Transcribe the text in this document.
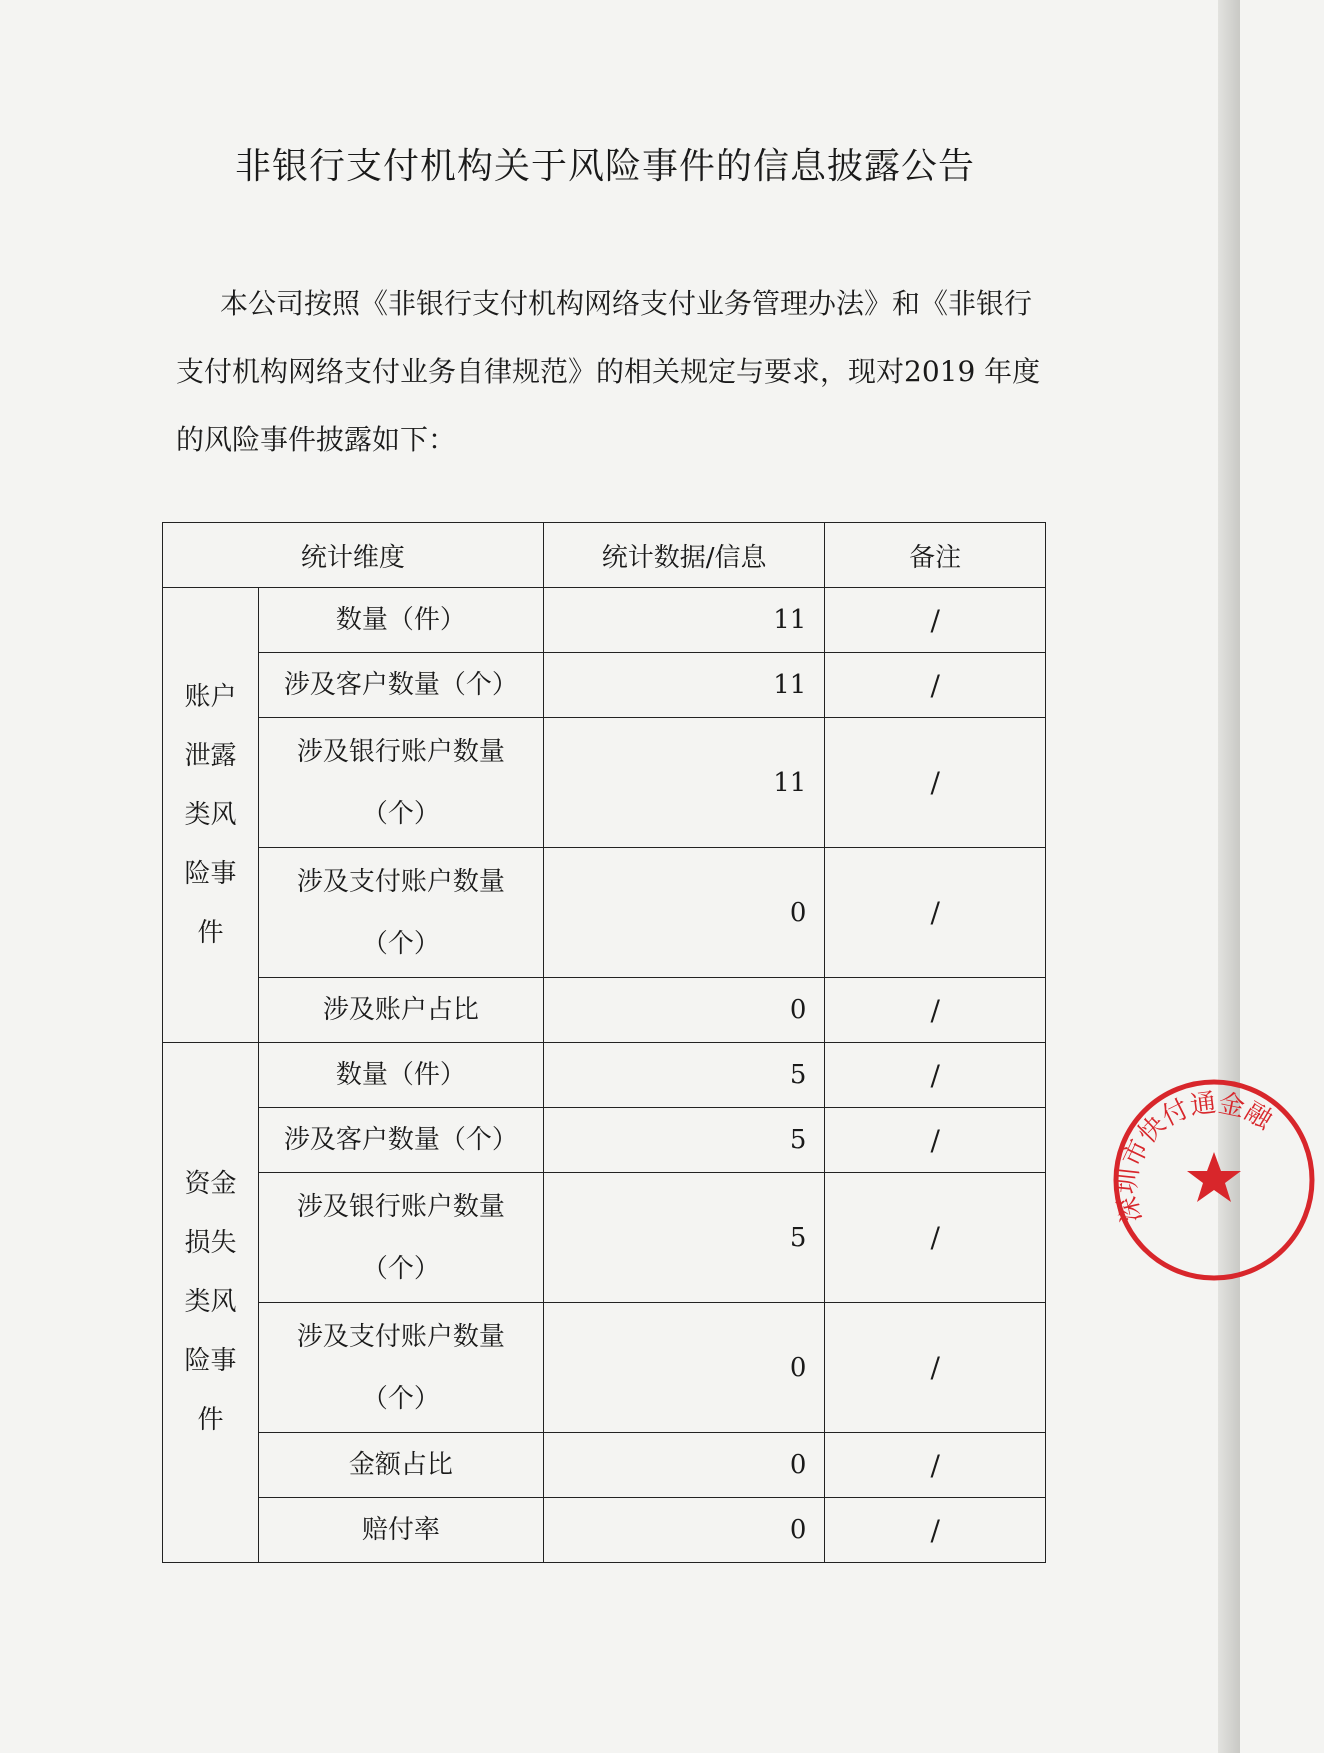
非银行支付机构关于风险事件的信息披露公告

本公司按照《非银行支付机构网络支付业务管理办法》和《非银行支付机构网络支付业务自律规范》的相关规定与要求，现对2019 年度的风险事件披露如下：

统计维度		统计数据/信息	备注
账户泄露类风险事件	数量（件）	11	/
	涉及客户数量（个）	11	/
	涉及银行账户数量（个）	11	/
	涉及支付账户数量（个）	0	/
	涉及账户占比	0	/
资金损失类风险事件	数量（件）	5	/
	涉及客户数量（个）	5	/
	涉及银行账户数量（个）	5	/
	涉及支付账户数量（个）	0	/
	金额占比	0	/
	赔付率	0	/
深圳市快付通金融
